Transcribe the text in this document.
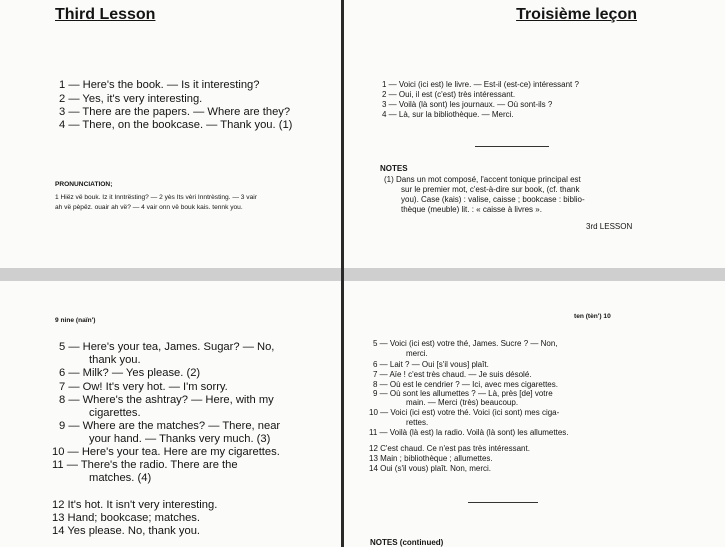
Third Lesson
1 — Here's the book. — Is it interesting?
2 — Yes, it's very interesting.
3 — There are the papers. — Where are they?
4 — There, on the bookcase. — Thank you. (1)
PRONUNCIATION;
1 Hiëz vë bouk. Iz it Inntrësting? — 2 yès Its vèri Inntrèsting. — 3 vair
ah vë pèpëz. ouair ah vë? — 4 vair onn vë bouk kais. tennk you.
Troisième leçon
1 — Voici (ici est) le livre. — Est-il (est-ce) intéressant ?
2 — Oui, il est (c'est) très intéressant.
3 — Voilà (là sont) les journaux. — Où sont-ils ?
4 — Là, sur la bibliothèque. — Merci.
NOTES
(1) Dans un mot composé, l'accent tonique principal est
sur le premier mot, c'est-à-dire sur book, (cf. thank
you). Case (kais) : valise, caisse ; bookcase : biblio-
thèque (meuble) lit. : « caisse à livres ».
3rd LESSON
9 nine (naïn')
5 — Here's your tea, James. Sugar? — No,
thank you.
6 — Milk? — Yes please. (2)
7 — Ow! It's very hot. — I'm sorry.
8 — Where's the ashtray? — Here, with my
cigarettes.
9 — Where are the matches? — There, near
your hand. — Thanks very much. (3)
10 — Here's your tea. Here are my cigarettes.
11 — There's the radio. There are the
matches. (4)
12 It's hot. It isn't very interesting.
13 Hand; bookcase; matches.
14 Yes please. No, thank you.
ten (tèn') 10
5 — Voici (ici est) votre thé, James. Sucre ? — Non,
merci.
6 — Lait ? — Oui [s'il vous] plaît.
7 — Aïe ! c'est très chaud. — Je suis désolé.
8 — Où est le cendrier ? — Ici, avec mes cigarettes.
9 — Où sont les allumettes ? — Là, près [de] votre
main. — Merci (très) beaucoup.
10 — Voici (ici est) votre thé. Voici (ici sont) mes ciga-
rettes.
11 — Voilà (là est) la radio. Voilà (là sont) les allumettes.
12 C'est chaud. Ce n'est pas très intéressant.
13 Main ; bibliothèque ; allumettes.
14 Oui (s'il vous) plaît. Non, merci.
NOTES (continued)
